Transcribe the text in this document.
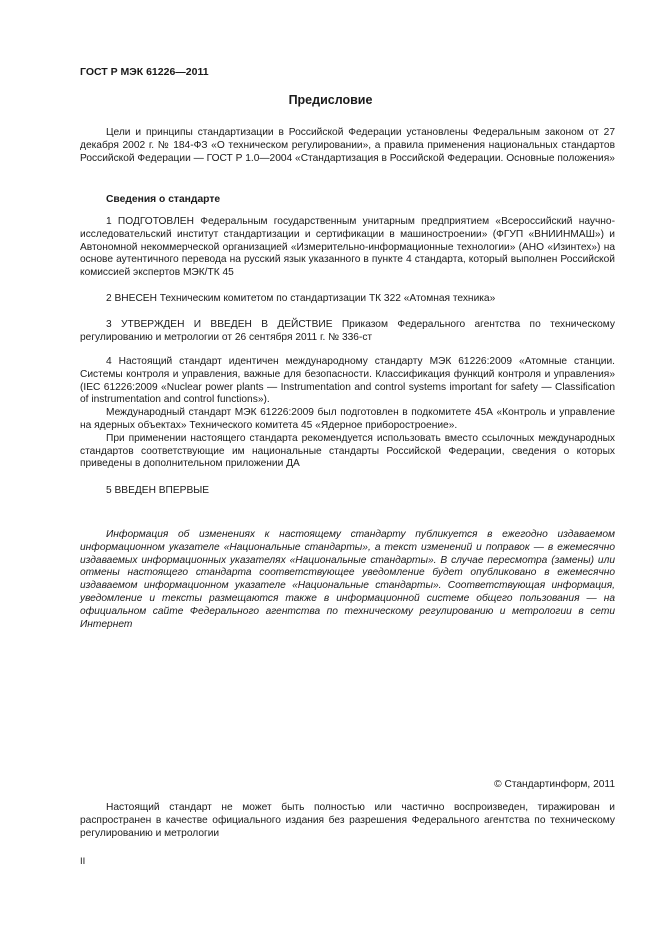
ГОСТ Р МЭК 61226—2011
Предисловие

Цели и принципы стандартизации в Российской Федерации установлены Федеральным законом от 27 декабря 2002 г. № 184-ФЗ «О техническом регулировании», а правила применения национальных стандартов Российской Федерации — ГОСТ Р 1.0—2004 «Стандартизация в Российской Федерации. Основные положения»

Сведения о стандарте

1 ПОДГОТОВЛЕН Федеральным государственным унитарным предприятием «Всероссийский научно-исследовательский институт стандартизации и сертификации в машиностроении» (ФГУП «ВНИИНМАШ») и Автономной некоммерческой организацией «Измерительно-информационные технологии» (АНО «Изинтех») на основе аутентичного перевода на русский язык указанного в пункте 4 стандарта, который выполнен Российской комиссией экспертов МЭК/ТК 45

2 ВНЕСЕН Техническим комитетом по стандартизации ТК 322 «Атомная техника»

3 УТВЕРЖДЕН И ВВЕДЕН В ДЕЙСТВИЕ Приказом Федерального агентства по техническому регулированию и метрологии от 26 сентября 2011 г. № 336-ст

4 Настоящий стандарт идентичен международному стандарту МЭК 61226:2009 «Атомные станции. Системы контроля и управления, важные для безопасности. Классификация функций контроля и управления» (IEC 61226:2009 «Nuclear power plants — Instrumentation and control systems important for safety — Classification of instrumentation and control functions»).

Международный стандарт МЭК 61226:2009 был подготовлен в подкомитете 45А «Контроль и управление на ядерных объектах» Технического комитета 45 «Ядерное приборостроение».

При применении настоящего стандарта рекомендуется использовать вместо ссылочных международных стандартов соответствующие им национальные стандарты Российской Федерации, сведения о которых приведены в дополнительном приложении ДА

5 ВВЕДЕН ВПЕРВЫЕ

Информация об изменениях к настоящему стандарту публикуется в ежегодно издаваемом информационном указателе «Национальные стандарты», а текст изменений и поправок — в ежемесячно издаваемых информационных указателях «Национальные стандарты». В случае пересмотра (замены) или отмены настоящего стандарта соответствующее уведомление будет опубликовано в ежемесячно издаваемом информационном указателе «Национальные стандарты». Соответствующая информация, уведомление и тексты размещаются также в информационной системе общего пользования — на официальном сайте Федерального агентства по техническому регулированию и метрологии в сети Интернет

© Стандартинформ, 2011

Настоящий стандарт не может быть полностью или частично воспроизведен, тиражирован и распространен в качестве официального издания без разрешения Федерального агентства по техническому регулированию и метрологии

II
